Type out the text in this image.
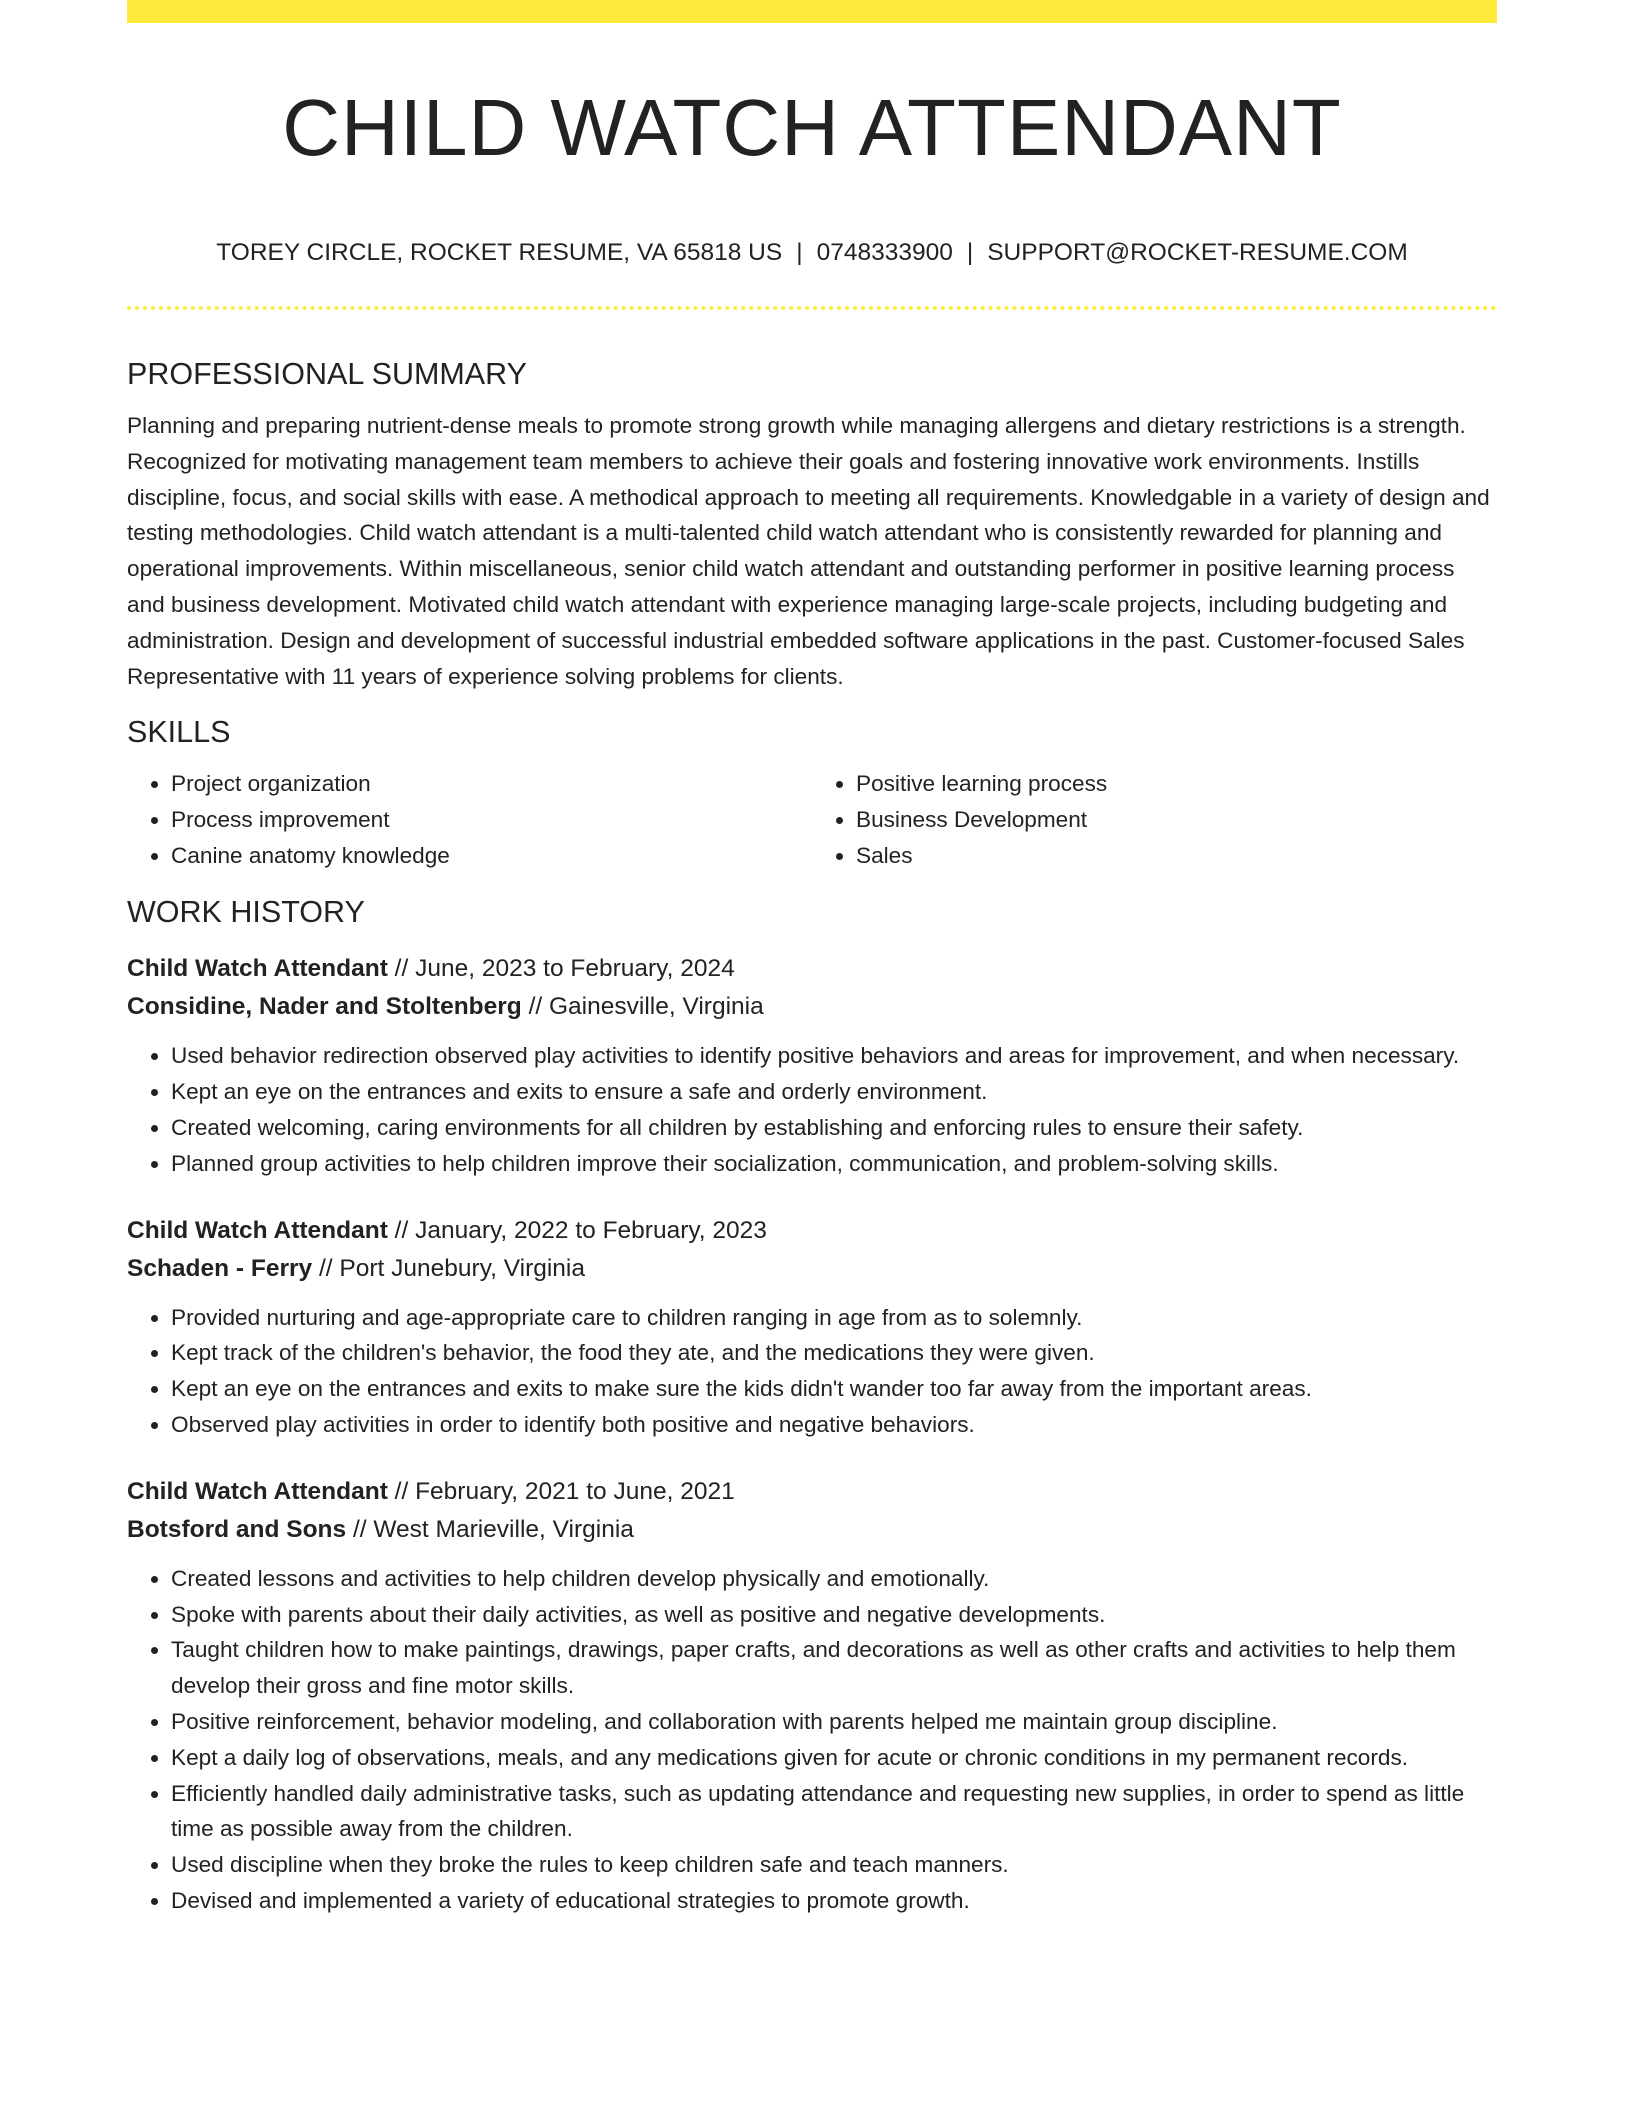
CHILD WATCH ATTENDANT
TOREY CIRCLE, ROCKET RESUME, VA 65818 US | 0748333900 | SUPPORT@ROCKET-RESUME.COM
PROFESSIONAL SUMMARY

Planning and preparing nutrient-dense meals to promote strong growth while managing allergens and dietary restrictions is a strength. Recognized for motivating management team members to achieve their goals and fostering innovative work environments. Instills discipline, focus, and social skills with ease. A methodical approach to meeting all requirements. Knowledgable in a variety of design and testing methodologies. Child watch attendant is a multi-talented child watch attendant who is consistently rewarded for planning and operational improvements. Within miscellaneous, senior child watch attendant and outstanding performer in positive learning process and business development. Motivated child watch attendant with experience managing large-scale projects, including budgeting and administration. Design and development of successful industrial embedded software applications in the past. Customer-focused Sales Representative with 11 years of experience solving problems for clients.

SKILLS
• Project organization
• Process improvement
• Canine anatomy knowledge
• Positive learning process
• Business Development
• Sales
WORK HISTORY

Child Watch Attendant // June, 2023 to February, 2024

Considine, Nader and Stoltenberg // Gainesville, Virginia

• Used behavior redirection observed play activities to identify positive behaviors and areas for improvement, and when necessary.
• Kept an eye on the entrances and exits to ensure a safe and orderly environment.
• Created welcoming, caring environments for all children by establishing and enforcing rules to ensure their safety.
• Planned group activities to help children improve their socialization, communication, and problem-solving skills.

Child Watch Attendant // January, 2022 to February, 2023

Schaden - Ferry // Port Junebury, Virginia

• Provided nurturing and age-appropriate care to children ranging in age from as to solemnly.
• Kept track of the children's behavior, the food they ate, and the medications they were given.
• Kept an eye on the entrances and exits to make sure the kids didn't wander too far away from the important areas.
• Observed play activities in order to identify both positive and negative behaviors.

Child Watch Attendant // February, 2021 to June, 2021

Botsford and Sons // West Marieville, Virginia

• Created lessons and activities to help children develop physically and emotionally.
• Spoke with parents about their daily activities, as well as positive and negative developments.
• Taught children how to make paintings, drawings, paper crafts, and decorations as well as other crafts and activities to help them develop their gross and fine motor skills.
• Positive reinforcement, behavior modeling, and collaboration with parents helped me maintain group discipline.
• Kept a daily log of observations, meals, and any medications given for acute or chronic conditions in my permanent records.
• Efficiently handled daily administrative tasks, such as updating attendance and requesting new supplies, in order to spend as little time as possible away from the children.
• Used discipline when they broke the rules to keep children safe and teach manners.
• Devised and implemented a variety of educational strategies to promote growth.
